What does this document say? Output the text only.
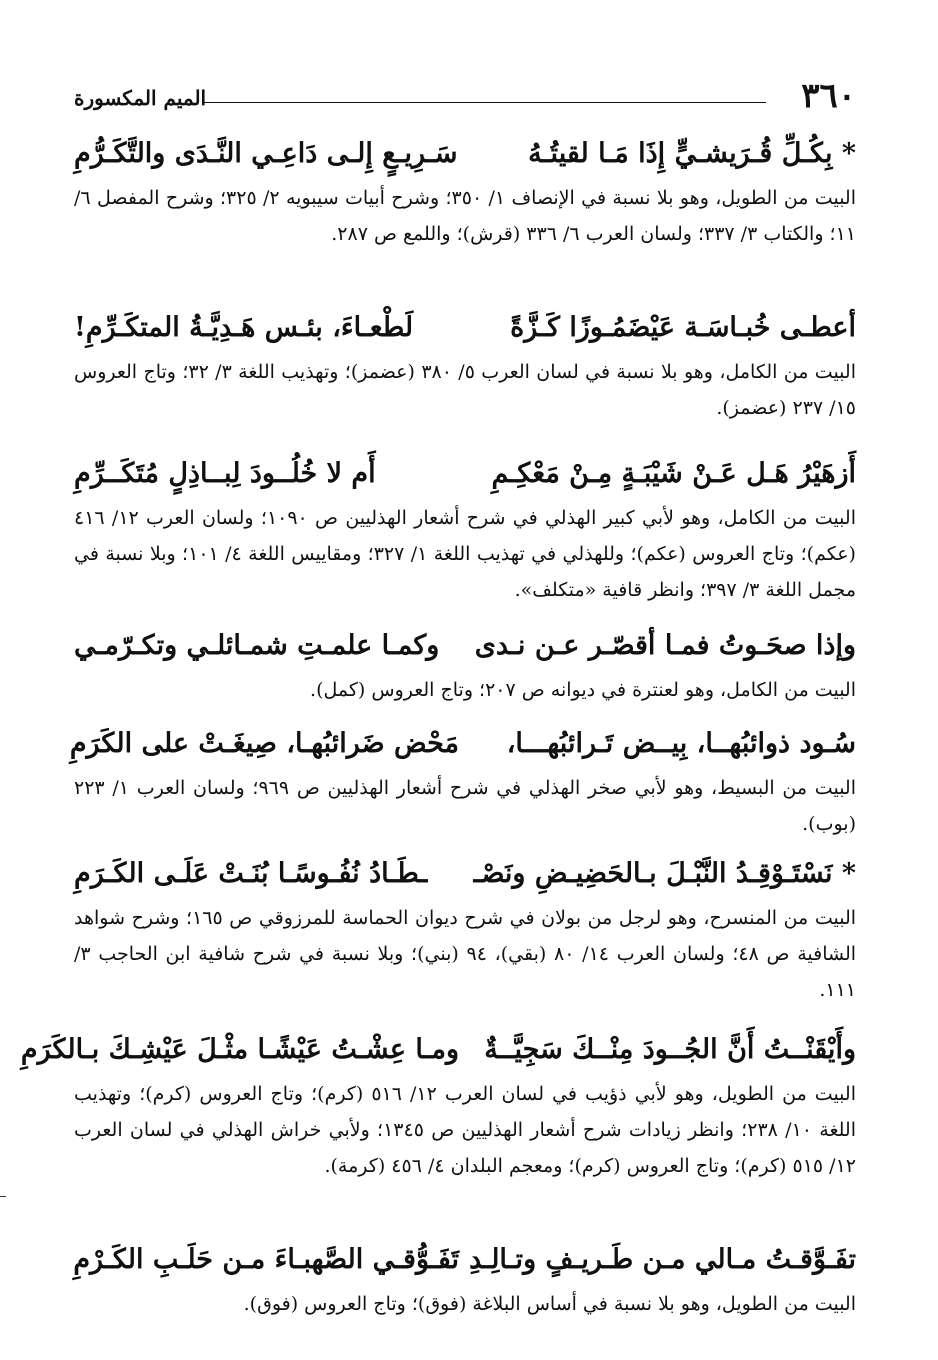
٣٦٠
الميم المكسورة
* بِكُـلِّ قُـرَيشـيٍّ إِذَا مَـا لقيتُـهُ
سَـرِيـعٍ إِلـى دَاعِـي النَّـدَى والتَّكَـرُّمِ
البيت من الطويل، وهو بلا نسبة في الإنصاف ١/ ٣٥٠؛ وشرح أبيات سيبويه ٢/ ٣٢٥؛ وشرح المفصل ٦/ ١١؛ والكتاب ٣/ ٣٣٧؛ ولسان العرب ٦/ ٣٣٦ (قرش)؛ واللمع ص ٢٨٧.
أعطـى خُبـاسَـة عَيْضَمُـوزًا كَـزَّةً
لَطْعـاءَ، بئـس هَـدِيَّـةُ المتكَـرِّمِ!
البيت من الكامل، وهو بلا نسبة في لسان العرب ٥/ ٣٨٠ (عضمز)؛ وتهذيب اللغة ٣/ ٣٢؛ وتاج العروس ١٥/ ٢٣٧ (عضمز).
أَزهَيْرُ هَـل عَـنْ شَيْبَـةٍ مِـنْ مَعْكِـمِ
أَم لا خُلُــودَ لِبــاذِلٍ مُتَكَــرِّمِ
البيت من الكامل، وهو لأبي كبير الهذلي في شرح أشعار الهذليين ص ١٠٩٠؛ ولسان العرب ١٢/ ٤١٦ (عكم)؛ وتاج العروس (عكم)؛ وللهذلي في تهذيب اللغة ١/ ٣٢٧؛ ومقاييس اللغة ٤/ ١٠١؛ وبلا نسبة في مجمل اللغة ٣/ ٣٩٧؛ وانظر قافية «متكلف».
وإذا صحَـوتُ فمـا أقصّـر عـن نـدى
وكمـا علمـتِ شمـائلـي وتكـرّمـي
البيت من الكامل، وهو لعنترة في ديوانه ص ٢٠٧؛ وتاج العروس (كمل).
سُـود ذوائبُهــا، بِيــض تَـرائبُهـــا،
مَحْض ضَرائبُهـا، صِيغَـتْ على الكَرَمِ
البيت من البسيط، وهو لأبي صخر الهذلي في شرح أشعار الهذليين ص ٩٦٩؛ ولسان العرب ١/ ٢٢٣ (بوب).
* نَسْتَـوْقِـدُ النَّبْـلَ بـالحَضِيـضِ ونَصْـ
ـطَـادُ نُفُـوسًـا بُنَـتْ عَلَـى الكَـرَمِ
البيت من المنسرح، وهو لرجل من بولان في شرح ديوان الحماسة للمرزوقي ص ١٦٥؛ وشرح شواهد الشافية ص ٤٨؛ ولسان العرب ١٤/ ٨٠ (بقي)، ٩٤ (بني)؛ وبلا نسبة في شرح شافية ابن الحاجب ٣/ ١١١.
وأَيْقَنْــتُ أَنَّ الجُــودَ مِنْــكَ سَجِيَّــةٌ
ومـا عِشْـتُ عَيْشًـا مثْـلَ عَيْشِـكَ بـالكَرَمِ
البيت من الطويل، وهو لأبي ذؤيب في لسان العرب ١٢/ ٥١٦ (كرم)؛ وتاج العروس (كرم)؛ وتهذيب اللغة ١٠/ ٢٣٨؛ وانظر زيادات شرح أشعار الهذليين ص ١٣٤٥؛ ولأبي خراش الهذلي في لسان العرب ١٢/ ٥١٥ (كرم)؛ وتاج العروس (كرم)؛ ومعجم البلدان ٤/ ٤٥٦ (كرمة).
تفَـوَّقـتُ مـالي مـن طَـريـفٍ وتـالِـدِ
تَفَـوُّقـي الصَّهبـاءَ مـن حَلَـبِ الكَـرْمِ
البيت من الطويل، وهو بلا نسبة في أساس البلاغة (فوق)؛ وتاج العروس (فوق).
